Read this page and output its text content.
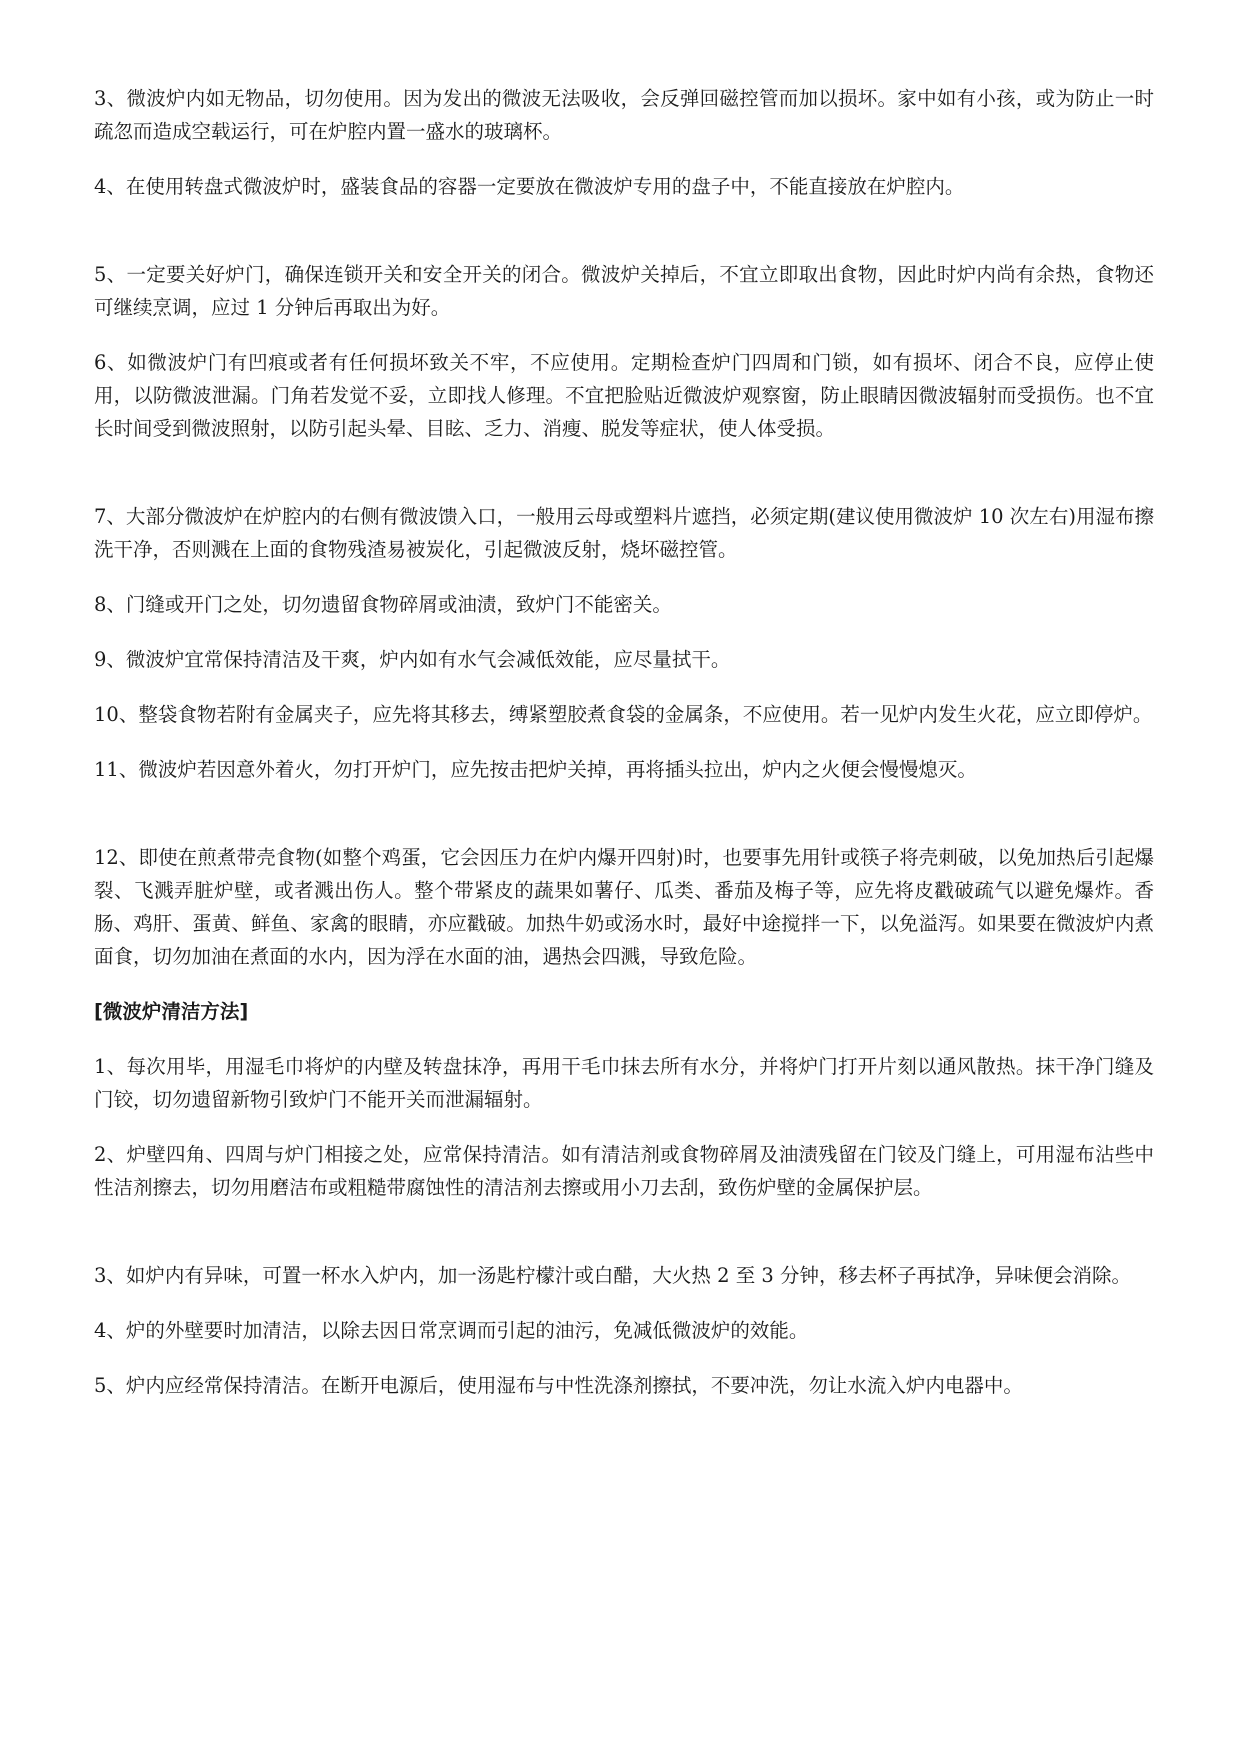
3、微波炉内如无物品，切勿使用。因为发出的微波无法吸收，会反弹回磁控管而加以损坏。家中如有小孩，或为防止一时疏忽而造成空载运行，可在炉腔内置一盛水的玻璃杯。

4、在使用转盘式微波炉时，盛装食品的容器一定要放在微波炉专用的盘子中，不能直接放在炉腔内。

5、一定要关好炉门，确保连锁开关和安全开关的闭合。微波炉关掉后，不宜立即取出食物，因此时炉内尚有余热，食物还可继续烹调，应过 1 分钟后再取出为好。

6、如微波炉门有凹痕或者有任何损坏致关不牢，不应使用。定期检查炉门四周和门锁，如有损坏、闭合不良，应停止使用，以防微波泄漏。门角若发觉不妥，立即找人修理。不宜把脸贴近微波炉观察窗，防止眼睛因微波辐射而受损伤。也不宜长时间受到微波照射，以防引起头晕、目眩、乏力、消瘦、脱发等症状，使人体受损。

7、大部分微波炉在炉腔内的右侧有微波馈入口，一般用云母或塑料片遮挡，必须定期(建议使用微波炉 10 次左右)用湿布擦洗干净，否则溅在上面的食物残渣易被炭化，引起微波反射，烧坏磁控管。

8、门缝或开门之处，切勿遗留食物碎屑或油渍，致炉门不能密关。

9、微波炉宜常保持清洁及干爽，炉内如有水气会减低效能，应尽量拭干。

10、整袋食物若附有金属夹子，应先将其移去，缚紧塑胶煮食袋的金属条，不应使用。若一见炉内发生火花，应立即停炉。

11、微波炉若因意外着火，勿打开炉门，应先按击把炉关掉，再将插头拉出，炉内之火便会慢慢熄灭。

12、即使在煎煮带壳食物(如整个鸡蛋，它会因压力在炉内爆开四射)时，也要事先用针或筷子将壳刺破，以免加热后引起爆裂、飞溅弄脏炉壁，或者溅出伤人。整个带紧皮的蔬果如薯仔、瓜类、番茄及梅子等，应先将皮戳破疏气以避免爆炸。香肠、鸡肝、蛋黄、鲜鱼、家禽的眼睛，亦应戳破。加热牛奶或汤水时，最好中途搅拌一下，以免溢泻。如果要在微波炉内煮面食，切勿加油在煮面的水内，因为浮在水面的油，遇热会四溅，导致危险。

[微波炉清洁方法]

1、每次用毕，用湿毛巾将炉的内壁及转盘抹净，再用干毛巾抹去所有水分，并将炉门打开片刻以通风散热。抹干净门缝及门铰，切勿遗留新物引致炉门不能开关而泄漏辐射。

2、炉壁四角、四周与炉门相接之处，应常保持清洁。如有清洁剂或食物碎屑及油渍残留在门铰及门缝上，可用湿布沾些中性洁剂擦去，切勿用磨洁布或粗糙带腐蚀性的清洁剂去擦或用小刀去刮，致伤炉壁的金属保护层。

3、如炉内有异味，可置一杯水入炉内，加一汤匙柠檬汁或白醋，大火热 2 至 3 分钟，移去杯子再拭净，异味便会消除。

4、炉的外壁要时加清洁，以除去因日常烹调而引起的油污，免减低微波炉的效能。

5、炉内应经常保持清洁。在断开电源后，使用湿布与中性洗涤剂擦拭，不要冲洗，勿让水流入炉内电器中。
